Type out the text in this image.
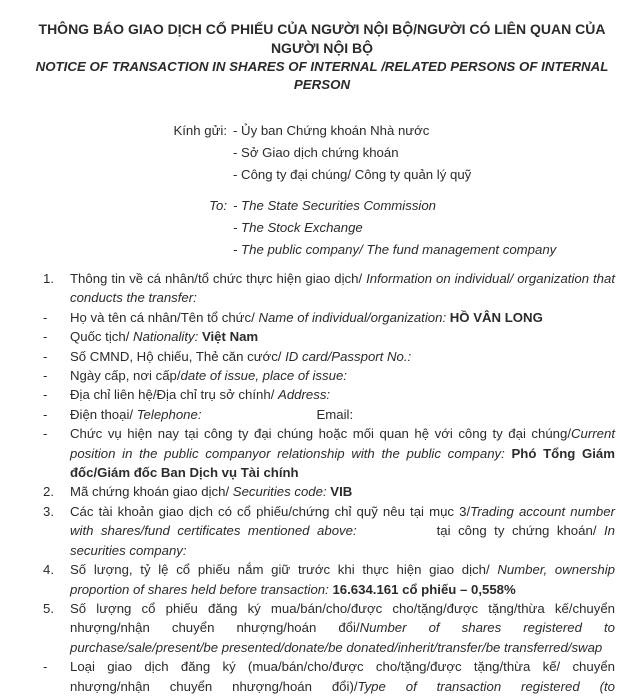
THÔNG BÁO GIAO DỊCH CỔ PHIẾU CỦA NGƯỜI NỘI BỘ/NGƯỜI CÓ LIÊN QUAN CỦA NGƯỜI NỘI BỘ
NOTICE OF TRANSACTION IN SHARES OF INTERNAL /RELATED PERSONS OF INTERNAL PERSON
Kính gửi: - Ủy ban Chứng khoán Nhà nước
- Sở Giao dịch chứng khoán
- Công ty đại chúng/ Công ty quản lý quỹ
To: - The State Securities Commission
- The Stock Exchange
- The public company/ The fund management company
1.	Thông tin về cá nhân/tổ chức thực hiện giao dịch/ Information on individual/ organization that conducts the transfer:
-	Họ và tên cá nhân/Tên tổ chức/ Name of individual/organization: HỒ VÂN LONG
-	Quốc tịch/ Nationality: Việt Nam
-	Số CMND, Hộ chiếu, Thẻ căn cước/ ID card/Passport No.:
-	Ngày cấp, nơi cấp/date of issue, place of issue:
-	Địa chỉ liên hệ/Địa chỉ trụ sở chính/ Address:
-	Điện thoại/ Telephone:	Email:
-	Chức vụ hiện nay tại công ty đại chúng hoặc mối quan hệ với công ty đại chúng/Current position in the public companyor relationship with the public company: Phó Tổng Giám đốc/Giám đốc Ban Dịch vụ Tài chính
2.	Mã chứng khoán giao dịch/ Securities code: VIB
3.	Các tài khoản giao dịch có cổ phiếu/chứng chỉ quỹ nêu tại mục 3/Trading account number with shares/fund certificates mentioned above:	tại công ty chứng khoán/ In securities company:
4.	Số lượng, tỷ lệ cổ phiếu nắm giữ trước khi thực hiện giao dịch/ Number, ownership proportion of shares held before transaction: 16.634.161 cổ phiếu – 0,558%
5.	Số lượng cổ phiếu đăng ký mua/bán/cho/được cho/tặng/được tặng/thừa kế/chuyển nhượng/nhận chuyển nhượng/hoán đổi/Number of shares registered to purchase/sale/present/be presented/donate/be donated/inherit/transfer/be transferred/swap
-	Loại giao dịch đăng ký (mua/bán/cho/được cho/tặng/được tặng/thừa kế/ chuyển nhượng/nhận chuyển nhượng/hoán đổi)/Type of transaction registered (to
